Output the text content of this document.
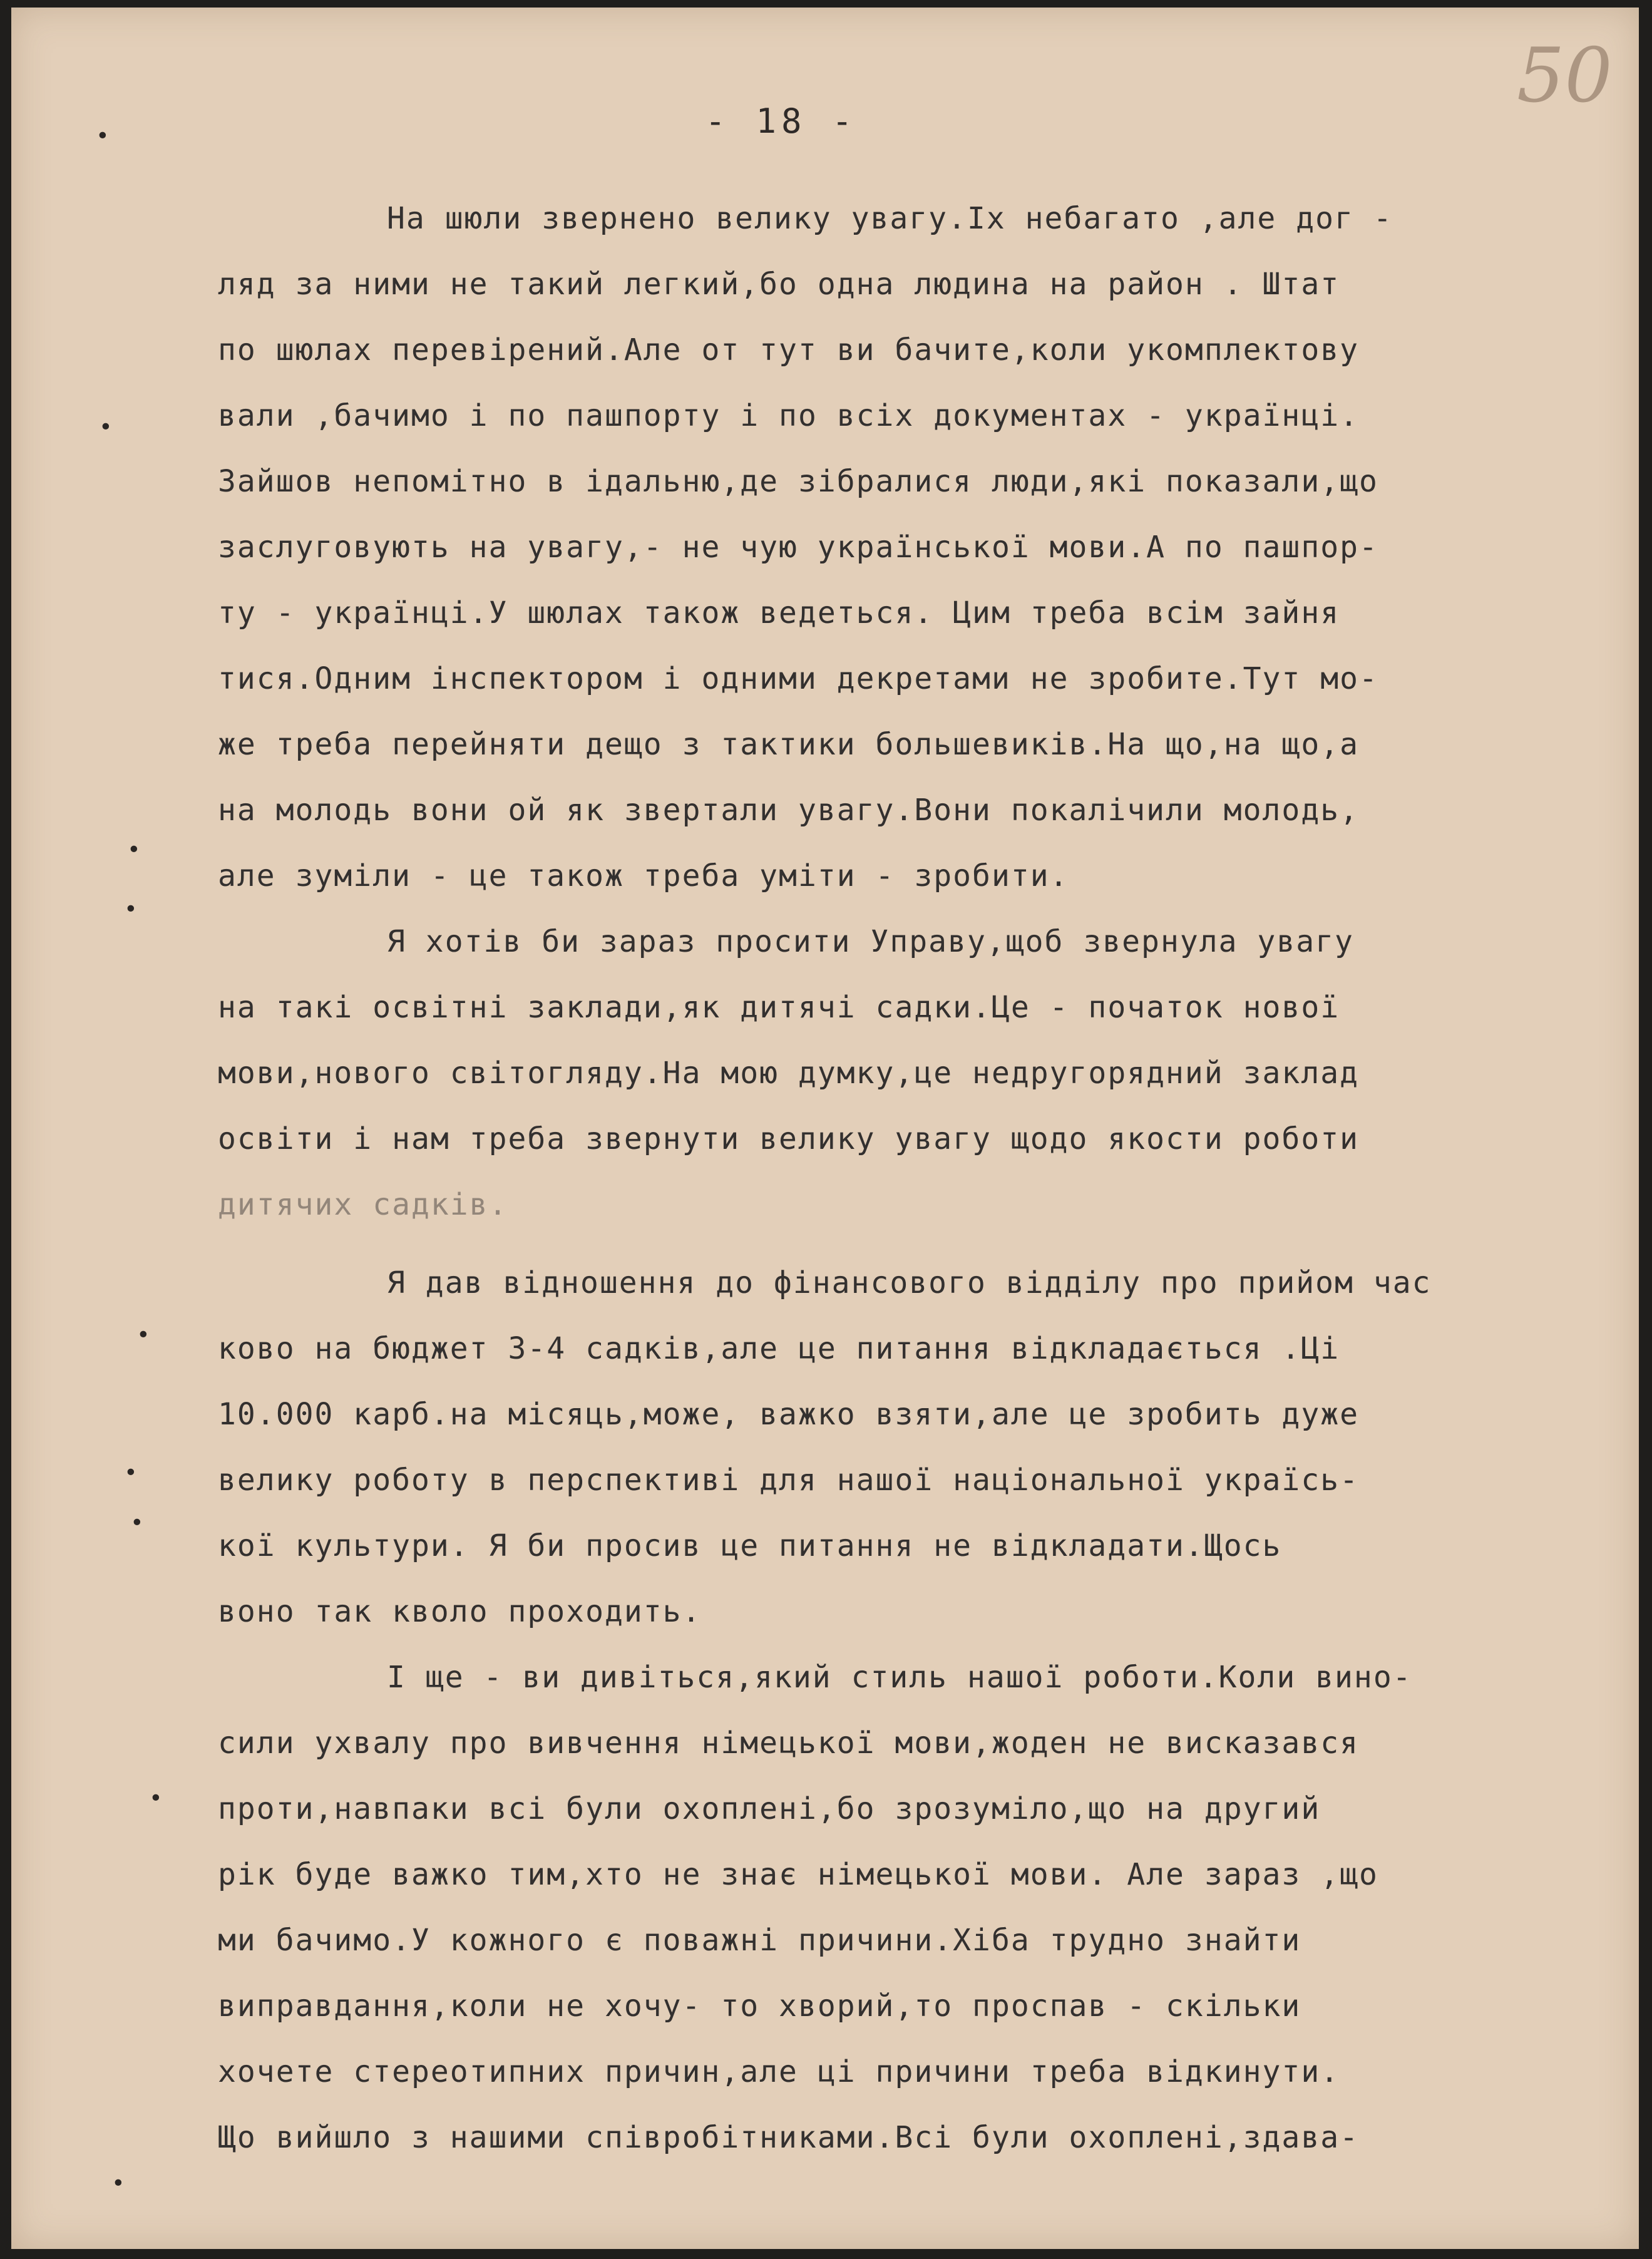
- 18 -
50
•
•
•
•
•
•
•
•
•
На шюли звернено велику увагу.Іх небагато ,але дог -
ляд за ними не такий легкий,бо одна людина на район . Штат
по шюлах перевірений.Але от тут ви бачите,коли укомплектову
вали ,бачимо і по пашпорту і по всіх документах - українці.
Зайшов непомітно в ідальню,де зібралися люди,які показали,що
заслуговують на увагу,- не чую української мови.А по пашпор-
ту - українці.У шюлах також ведеться. Цим треба всім зайня
тися.Одним інспектором і одними декретами не зробите.Тут мо-
же треба перейняти дещо з тактики большевиків.На що,на що,а
на молодь вони ой як звертали увагу.Вони покалічили молодь,
але зуміли - це також треба уміти - зробити.
Я хотів би зараз просити Управу,щоб звернула увагу
на такі освітні заклади,як дитячі садки.Це - початок нової
мови,нового світогляду.На мою думку,це недругорядний заклад
освіти і нам треба звернути велику увагу щодо якости роботи
дитячих садків.
Я дав відношення до фінансового відділу про прийом час
ково на бюджет 3-4 садків,але це питання відкладається .Ці
10.000 карб.на місяць,може, важко взяти,але це зробить дуже
велику роботу в перспективі для нашої національної україсь-
кої культури. Я би просив це питання не відкладати.Щось
воно так кволо проходить.
І ще - ви дивіться,який стиль нашої роботи.Коли вино-
сили ухвалу про вивчення німецької мови,жоден не висказався
проти,навпаки всі були охоплені,бо зрозуміло,що на другий
рік буде важко тим,хто не знає німецької мови. Але зараз ,що
ми бачимо.У кожного є поважні причини.Хіба трудно знайти
виправдання,коли не хочу- то хворий,то проспав - скільки
хочете стереотипних причин,але ці причини треба відкинути.
Що вийшло з нашими співробітниками.Всі були охоплені,здава-
